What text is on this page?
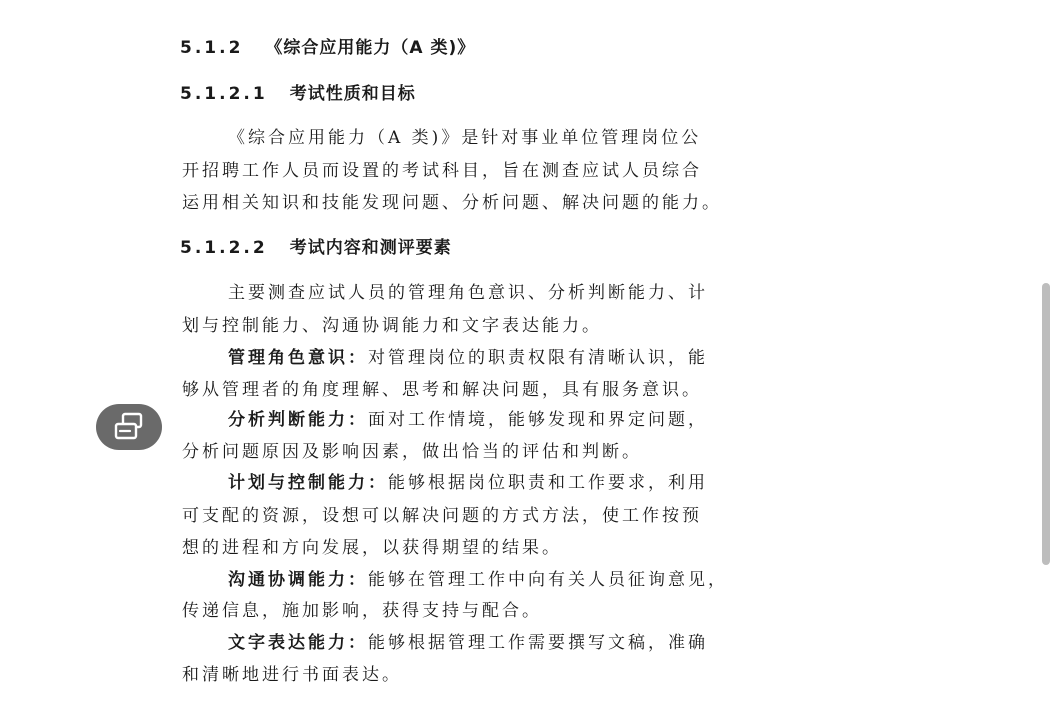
5.1.2 《综合应用能力（A 类)》
5.1.2.1 考试性质和目标
《综合应用能力（A 类)》是针对事业单位管理岗位公
开招聘工作人员而设置的考试科目，旨在测查应试人员综合
运用相关知识和技能发现问题、分析问题、解决问题的能力。
5.1.2.2 考试内容和测评要素
主要测查应试人员的管理角色意识、分析判断能力、计
划与控制能力、沟通协调能力和文字表达能力。
管理角色意识：对管理岗位的职责权限有清晰认识，能
够从管理者的角度理解、思考和解决问题，具有服务意识。
分析判断能力：面对工作情境，能够发现和界定问题，
分析问题原因及影响因素，做出恰当的评估和判断。
计划与控制能力：能够根据岗位职责和工作要求，利用
可支配的资源，设想可以解决问题的方式方法，使工作按预
想的进程和方向发展，以获得期望的结果。
沟通协调能力：能够在管理工作中向有关人员征询意见，
传递信息，施加影响，获得支持与配合。
文字表达能力：能够根据管理工作需要撰写文稿，准确
和清晰地进行书面表达。
